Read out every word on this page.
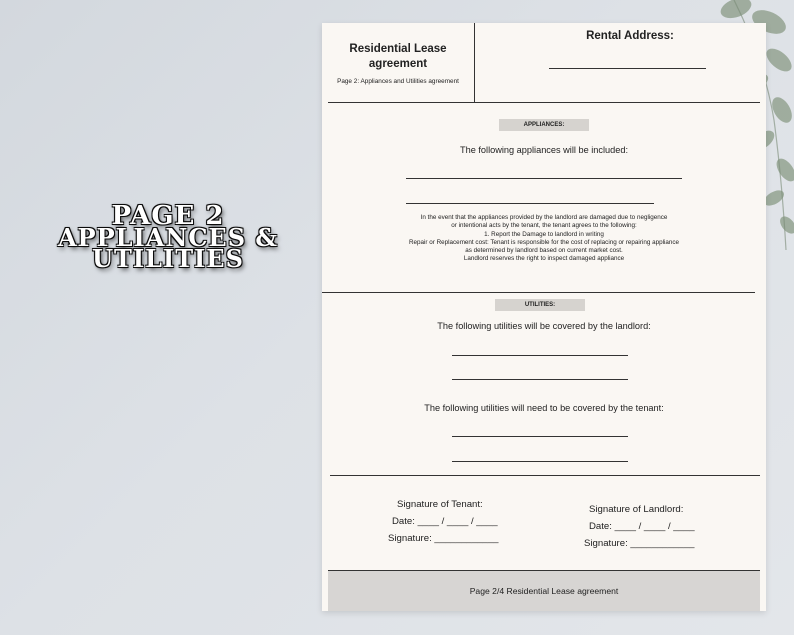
PAGE 2
APPLIANCES &
UTILITIES
Residential Lease agreement
Page 2: Appliances and Utilities agreement
Rental Address:
APPLIANCES:
The following appliances will be included:
In the event that the appliances provided by the landlord are damaged due to negligence
or intentional acts by the tenant, the tenant agrees to the following:
1. Report the Damage to landlord in writing
Repair or Replacement cost: Tenant is responsible for the cost of replacing or repairing appliance
as determined by landlord based on current market cost.
Landlord reserves the right to inspect damaged appliance
UTILITIES:
The following utilities will be covered by the landlord:
The following utilities will need to be covered by the tenant:
Signature of Tenant:
Date: ____ / ____ / ____
Signature: ____________
Signature of Landlord:
Date: ____ / ____ / ____
Signature: ____________
Page 2/4 Residential Lease agreement
